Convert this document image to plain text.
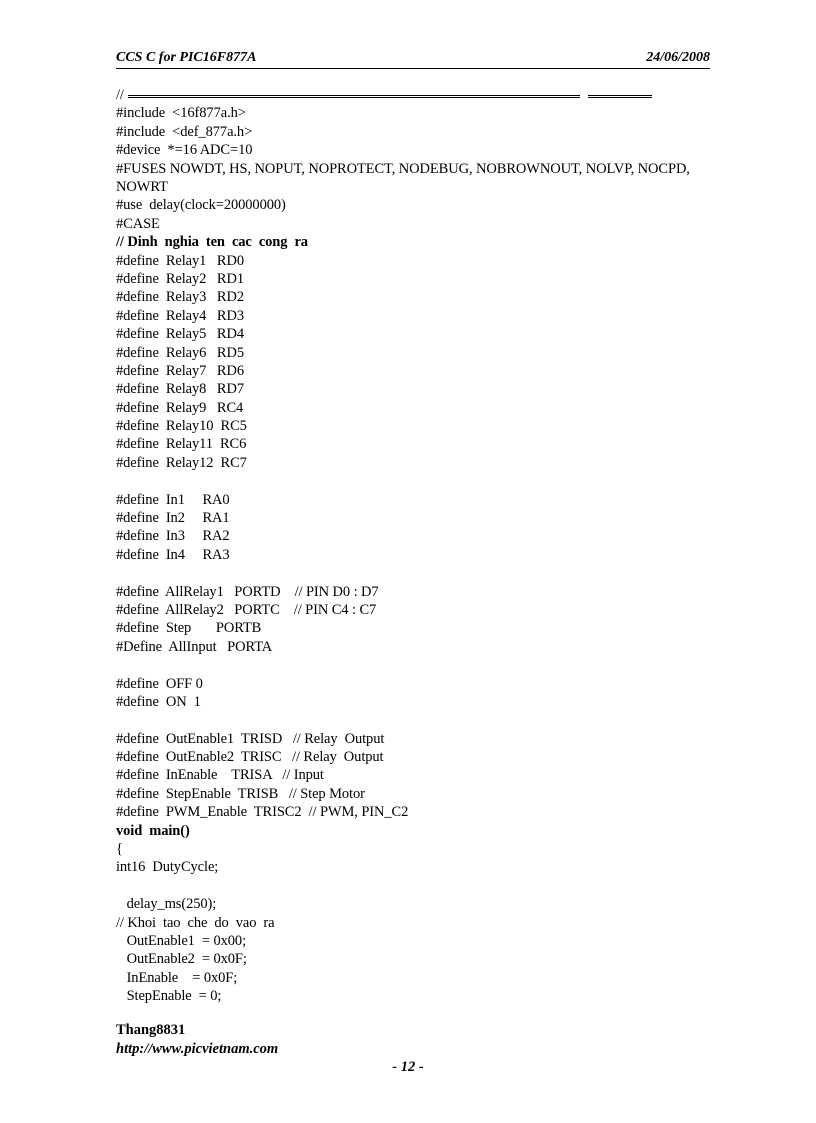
CCS C for PIC16F877A	24/06/2008
//
#include  <16f877a.h>
#include  <def_877a.h>
#device  *=16 ADC=10
#FUSES NOWDT, HS, NOPUT, NOPROTECT, NODEBUG, NOBROWNOUT, NOLVP, NOCPD, NOWRT
#use  delay(clock=20000000)
#CASE
// Dinh  nghia  ten  cac  cong  ra
#define  Relay1   RD0
#define  Relay2   RD1
#define  Relay3   RD2
#define  Relay4   RD3
#define  Relay5   RD4
#define  Relay6   RD5
#define  Relay7   RD6
#define  Relay8   RD7
#define  Relay9   RC4
#define  Relay10  RC5
#define  Relay11  RC6
#define  Relay12  RC7
#define  In1     RA0
#define  In2     RA1
#define  In3     RA2
#define  In4     RA3
#define  AllRelay1   PORTD    // PIN D0 : D7
#define  AllRelay2   PORTC    // PIN C4 : C7
#define  Step       PORTB
#Define  AllInput   PORTA
#define  OFF 0
#define  ON  1
#define  OutEnable1  TRISD   // Relay  Output
#define  OutEnable2  TRISC   // Relay  Output
#define  InEnable    TRISA   // Input
#define  StepEnable  TRISB   // Step Motor
#define  PWM_Enable  TRISC2  // PWM, PIN_C2
void  main()
{
int16  DutyCycle;
delay_ms(250);
// Khoi  tao  che  do  vao  ra
OutEnable1  = 0x00;
OutEnable2  = 0x0F;
InEnable    = 0x0F;
StepEnable  = 0;
Thang8831
http://www.picvietnam.com
- 12 -
